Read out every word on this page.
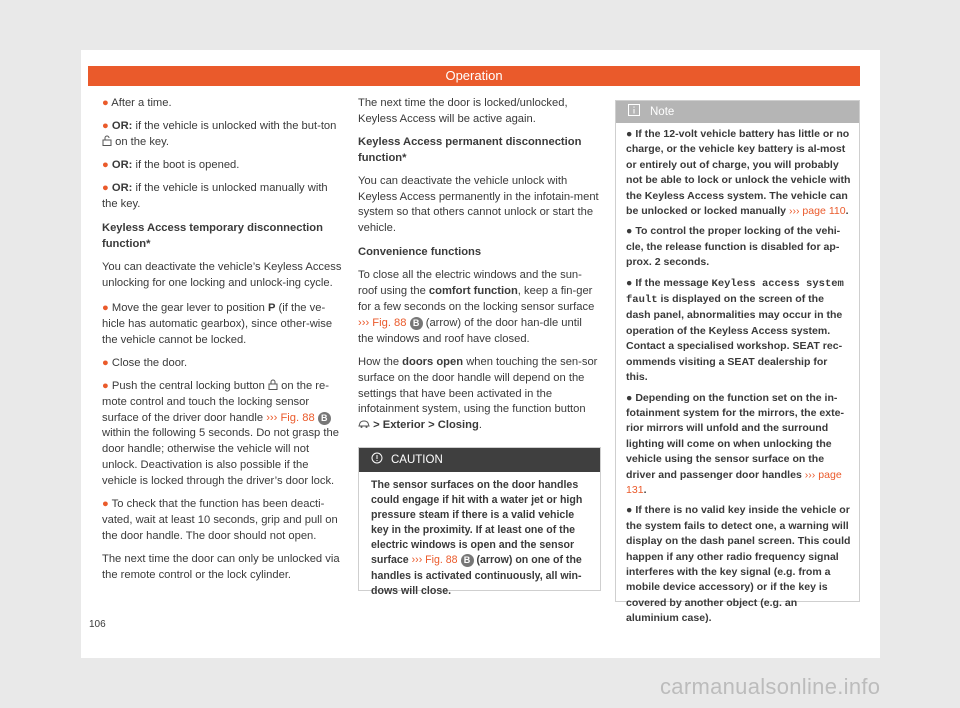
Operation

● After a time.

● OR: if the vehicle is unlocked with the but-ton  on the key.

● OR: if the boot is opened.

● OR: if the vehicle is unlocked manually with the key.

Keyless Access temporary disconnection function*

You can deactivate the vehicle’s Keyless Access unlocking for one locking and unlock-ing cycle.

● Move the gear lever to position P (if the ve-hicle has automatic gearbox), since other-wise the vehicle cannot be locked.

● Close the door.

● Push the central locking button on the re-mote control and touch the locking sensor surface of the driver door handle ››› Fig. 88 B within the following 5 seconds. Do not grasp the door handle; otherwise the vehicle will not unlock. Deactivation is also possible if the vehicle is locked through the driver’s door lock.

● To check that the function has been deacti-vated, wait at least 10 seconds, grip and pull on the door handle. The door should not open.

The next time the door can only be unlocked via the remote control or the lock cylinder.

The next time the door is locked/unlocked, Keyless Access will be active again.

Keyless Access permanent disconnection function*

You can deactivate the vehicle unlock with Keyless Access permanently in the infotain-ment system so that others cannot unlock or start the vehicle.

Convenience functions

To close all the electric windows and the sun-roof using the comfort function, keep a fin-ger for a few seconds on the locking sensor surface ››› Fig. 88 B (arrow) of the door han-dle until the windows and roof have closed.

How the doors open when touching the sen-sor surface on the door handle will depend on the settings that have been activated in the infotainment system, using the function button  > Exterior > Closing.

CAUTION
The sensor surfaces on the door handles could engage if hit with a water jet or high pressure steam if there is a valid vehicle key in the proximity. If at least one of the electric windows is open and the sensor surface ››› Fig. 88 B (arrow) on one of the handles is activated continuously, all win-dows will close.
Note

● If the 12-volt vehicle battery has little or no charge, or the vehicle key battery is al-most or entirely out of charge, you will probably not be able to lock or unlock the vehicle with the Keyless Access system. The vehicle can be unlocked or locked manually ››› page 110.

● To control the proper locking of the vehi-cle, the release function is disabled for ap-prox. 2 seconds.

● If the message Keyless access system fault is displayed on the screen of the dash panel, abnormalities may occur in the operation of the Keyless Access system. Contact a specialised workshop. SEAT rec-ommends visiting a SEAT dealership for this.

● Depending on the function set on the in-fotainment system for the mirrors, the exte-rior mirrors will unfold and the surround lighting will come on when unlocking the vehicle using the sensor surface on the driver and passenger door handles ››› page 131.

● If there is no valid key inside the vehicle or the system fails to detect one, a warning will display on the dash panel screen. This could happen if any other radio frequency signal interferes with the key signal (e.g. from a mobile device accessory) or if the key is covered by another object (e.g. an aluminium case).

106
carmanualsonline.info
